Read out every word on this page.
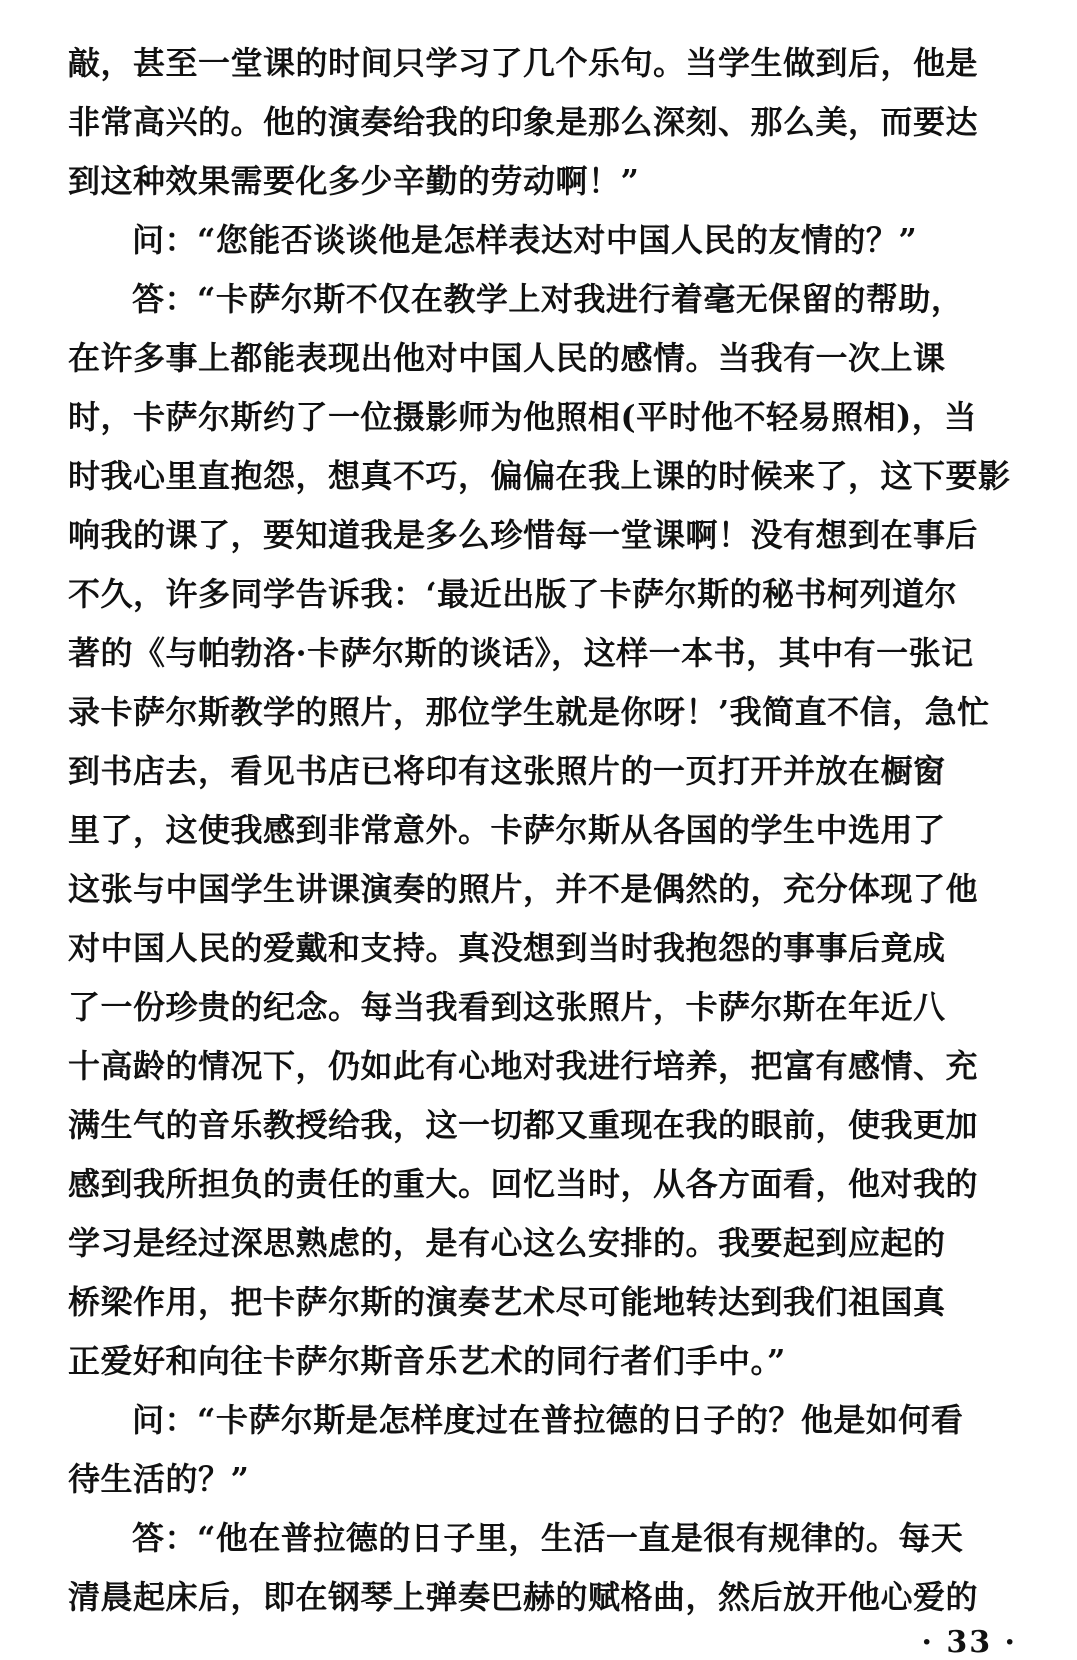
敲，甚至一堂课的时间只学习了几个乐句。当学生做到后，他是
非常高兴的。他的演奏给我的印象是那么深刻、那么美，而要达
到这种效果需要化多少辛勤的劳动啊！”
问：“您能否谈谈他是怎样表达对中国人民的友情的？”
答：“卡萨尔斯不仅在教学上对我进行着毫无保留的帮助，
在许多事上都能表现出他对中国人民的感情。当我有一次上课
时，卡萨尔斯约了一位摄影师为他照相(平时他不轻易照相)，当
时我心里直抱怨，想真不巧，偏偏在我上课的时候来了，这下要影
响我的课了，要知道我是多么珍惜每一堂课啊！没有想到在事后
不久，许多同学告诉我：‘最近出版了卡萨尔斯的秘书柯列道尔
著的《与帕勃洛·卡萨尔斯的谈话》，这样一本书，其中有一张记
录卡萨尔斯教学的照片，那位学生就是你呀！’我简直不信，急忙
到书店去，看见书店已将印有这张照片的一页打开并放在橱窗
里了，这使我感到非常意外。卡萨尔斯从各国的学生中选用了
这张与中国学生讲课演奏的照片，并不是偶然的，充分体现了他
对中国人民的爱戴和支持。真没想到当时我抱怨的事事后竟成
了一份珍贵的纪念。每当我看到这张照片，卡萨尔斯在年近八
十高龄的情况下，仍如此有心地对我进行培养，把富有感情、充
满生气的音乐教授给我，这一切都又重现在我的眼前，使我更加
感到我所担负的责任的重大。回忆当时，从各方面看，他对我的
学习是经过深思熟虑的，是有心这么安排的。我要起到应起的
桥梁作用，把卡萨尔斯的演奏艺术尽可能地转达到我们祖国真
正爱好和向往卡萨尔斯音乐艺术的同行者们手中。”
问：“卡萨尔斯是怎样度过在普拉德的日子的？他是如何看
待生活的？”
答：“他在普拉德的日子里，生活一直是很有规律的。每天
清晨起床后，即在钢琴上弹奏巴赫的赋格曲，然后放开他心爱的
· 33 ·
